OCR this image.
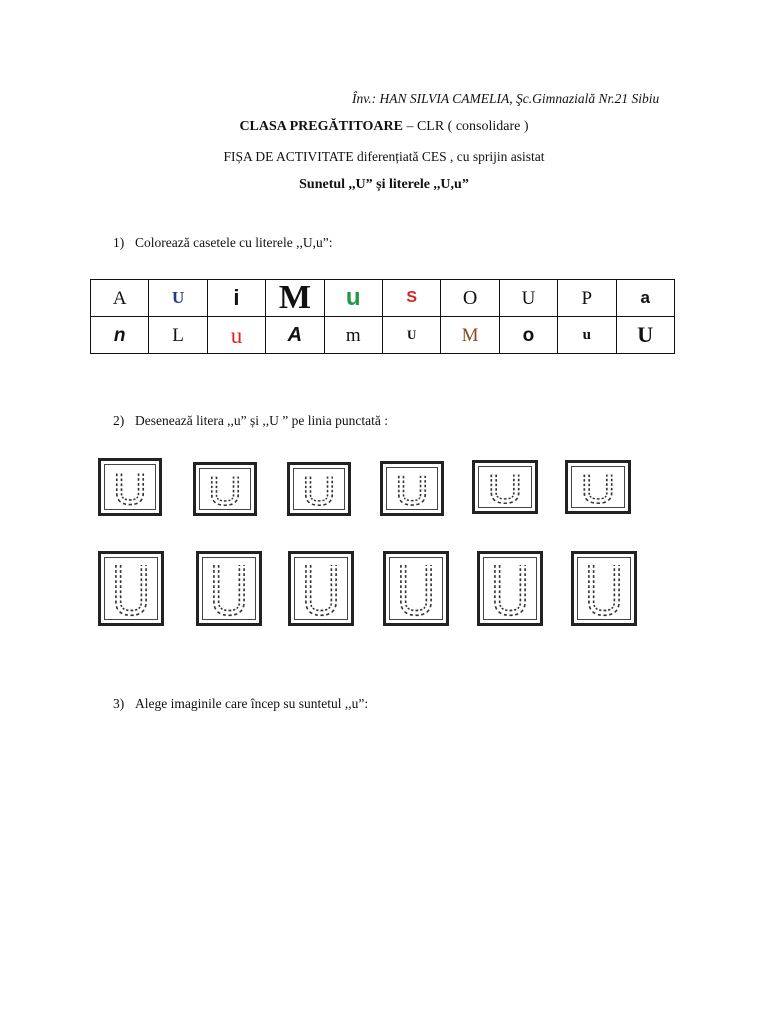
Înv.: HAN SILVIA CAMELIA, Şc.Gimnazială Nr.21 Sibiu
CLASA PREGĂTITOARE – CLR ( consolidare )
FIȘA DE ACTIVITATE diferențiată CES , cu sprijin asistat
Sunetul ,,U” și literele ,,U,u”
1) Colorează casetele cu literele ,,U,u”:
A	U	i	M	u	S	O	U	P	a
n	L	u	A	m	U	M	o	u	U
2) Desenează litera ,,u” și ,,U ” pe linia punctată :
3) Alege imaginile care încep su suntetul ,,u”:
